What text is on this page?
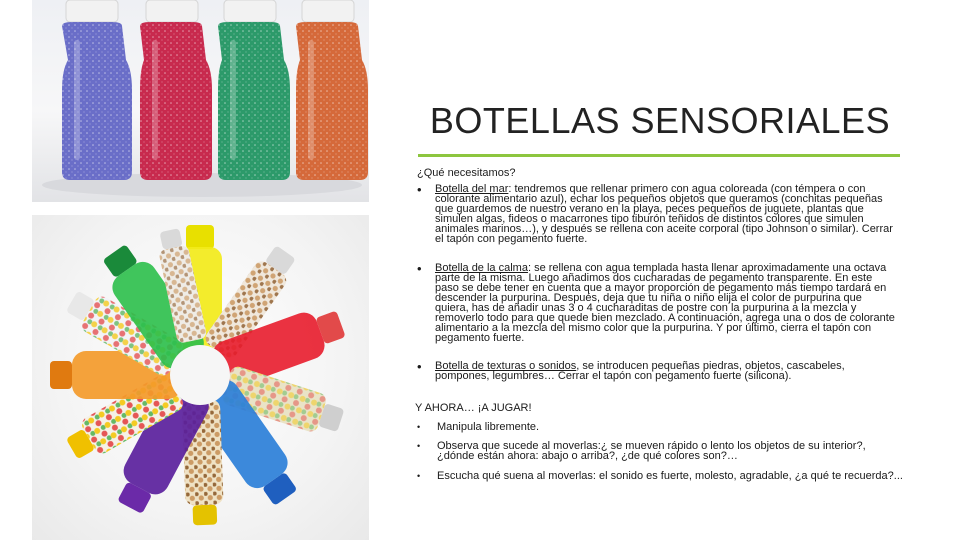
BOTELLAS SENSORIALES
¿Qué necesitamos?
•	Botella del mar: tendremos que rellenar primero con agua coloreada (con témpera o con colorante alimentario azul), echar los pequeños objetos que queramos (conchitas pequeñas que guardemos de nuestro verano en la playa, peces pequeños de juguete, plantas que simulen algas, fideos o macarrones tipo tiburón teñidos de distintos colores que simulen animales marinos…), y después se rellena con aceite corporal (tipo Johnson o similar). Cerrar el tapón con pegamento fuerte.
•	Botella de la calma: se rellena con agua templada hasta llenar aproximadamente una octava parte de la misma. Luego añadimos dos cucharadas de pegamento transparente. En este paso se debe tener en cuenta que a mayor proporción de pegamento más tiempo tardará en descender la purpurina. Después, deja que tu niña o niño elija el color de purpurina que quiera, has de añadir unas 3 o 4 cucharaditas de postre con la purpurina a la mezcla y removerlo todo para que quede bien mezclado. A continuación, agrega una o dos de colorante alimentario a la mezcla del mismo color que la purpurina. Y por último, cierra el tapón con pegamento fuerte.
•	Botella de texturas o sonidos, se introducen pequeñas piedras, objetos, cascabeles, pompones, legumbres… Cerrar el tapón con pegamento fuerte (silicona).
Y AHORA… ¡A JUGAR!
•	Manipula libremente.
•	Observa que sucede al moverlas:¿ se mueven rápido o lento los objetos de su interior?, ¿dónde están ahora: abajo o arriba?, ¿de qué colores son?…
•	Escucha qué suena al moverlas: el sonido es fuerte, molesto, agradable, ¿a qué te recuerda?...
